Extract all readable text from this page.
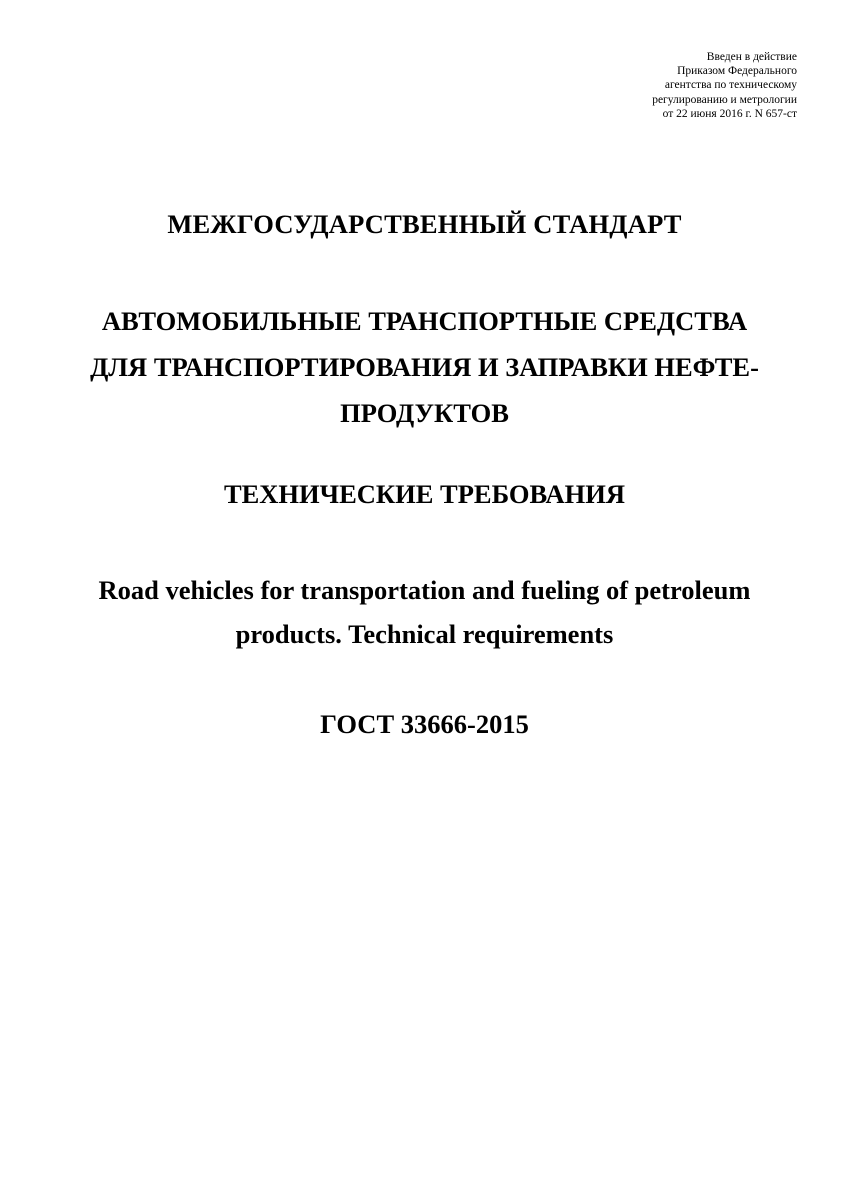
Введен в действие
Приказом Федерального
агентства по техническому
регулированию и метрологии
от 22 июня 2016 г. N 657-ст
МЕЖГОСУДАРСТВЕННЫЙ СТАНДАРТ
АВТОМОБИЛЬНЫЕ ТРАНСПОРТНЫЕ СРЕДСТВА
ДЛЯ ТРАНСПОРТИРОВАНИЯ И ЗАПРАВКИ НЕФТЕ-
ПРОДУКТОВ
ТЕХНИЧЕСКИЕ ТРЕБОВАНИЯ
Road vehicles for transportation and fueling of petroleum
products. Technical requirements
ГОСТ 33666-2015
